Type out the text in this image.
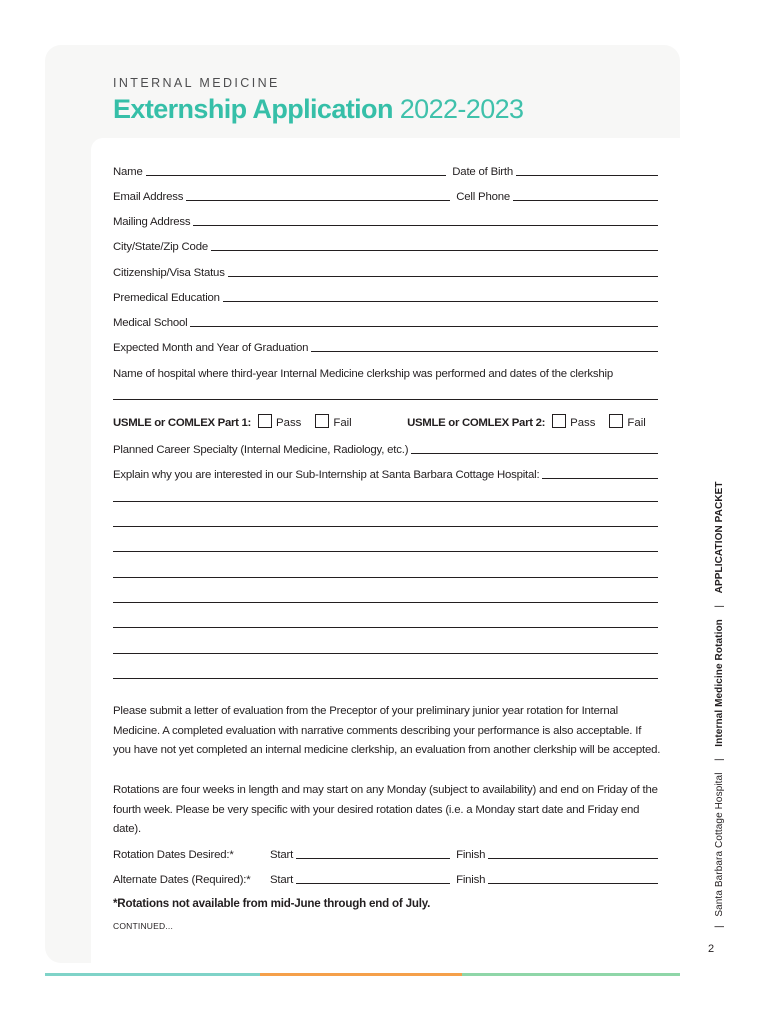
INTERNAL MEDICINE
Externship Application 2022-2023
Name	Date of Birth
Email Address	Cell Phone
Mailing Address
City/State/Zip Code
Citizenship/Visa Status
Premedical Education
Medical School
Expected Month and Year of Graduation
Name of hospital where third-year Internal Medicine clerkship was performed and dates of the clerkship
USMLE or COMLEX Part 1: Pass	Fail	USMLE or COMLEX Part 2: Pass	Fail
Planned Career Specialty (Internal Medicine, Radiology, etc.)
Explain why you are interested in our Sub-Internship at Santa Barbara Cottage Hospital:
Please submit a letter of evaluation from the Preceptor of your preliminary junior year rotation for Internal Medicine. A completed evaluation with narrative comments describing your performance is also acceptable. If you have not yet completed an internal medicine clerkship, an evaluation from another clerkship will be accepted.
Rotations are four weeks in length and may start on any Monday (subject to availability) and end on Friday of the fourth week. Please be very specific with your desired rotation dates (i.e. a Monday start date and Friday end date).
Rotation Dates Desired:*	Start	Finish
Alternate Dates (Required):*	Start	Finish
*Rotations not available from mid-June through end of July.
CONTINUED...	|   Santa Barbara Cottage Hospital    |    Internal Medicine Rotation    |    APPLICATION PACKET
2
